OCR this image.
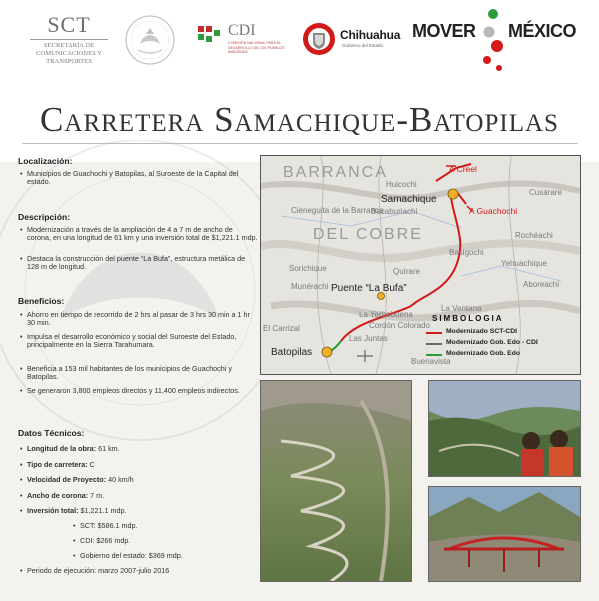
SCT
SECRETARÍA DE COMUNICACIONES Y TRANSPORTES
CDI
COMISIÓN NACIONAL PARA EL DESARROLLO DE LOS PUEBLOS INDÍGENAS
Chihuahua
Gobierno del Estado
MOVER MÉXICO
Carretera Samachique-Batopilas
Localización:
• Municipios de Guachochi y Batopilas, al Suroeste de la Capital del estado.
Descripción:
• Modernización a través de la ampliación de 4 a 7 m de ancho de corona, en una longitud de 61 km y una inversión total de $1,221.1 mdp.
• Destaca la construcción del puente “La Bufa”, estructura metálica de 128 m de longitud.
Beneficios:
• Ahorro en tiempo de recorrido de 2 hrs al pasar de 3 hrs 30 min a 1 hr 30 min.
• Impulsa el desarrollo económico y social del Suroeste del Estado, principalmente en la Sierra Tarahumara.
• Beneficia a 153 mil habitantes de los municipios de Guachochi y Batopilas.
• Se generaron 3,800 empleos directos y 11,400 empleos indirectos.
Datos Técnicos:
• Longitud de la obra: 61 km.
• Tipo de carretera: C
• Velocidad de Proyecto: 40 km/h
• Ancho de corona: 7 m.
• Inversión total: $1,221.1 mdp.
• SCT: $586.1 mdp.
• CDI: $266 mdp.
• Gobierno del estado: $369 mdp.
• Periodo de ejecución: marzo 2007-julio 2016
BARRANCA
DEL COBRE
Huicochi
Bacaburiachi
Cieneguita de la Barranca
Sorichique
Munérachi
Quírare
Basigochi
Cusárare
Rochéachi
Yehuachique
Aboreachi
La Yerbabuena
Cordón Colorado
La Ventana
El Carrizal
Las Juntas
Buenavista
Samachique
Puente “La Bufa”
Batopilas
A Creel
A Guachochi
SIMBOLOGIA
Modernizado SCT-CDI
Modernizado Gob. Edo - CDI
Modernizado Gob. Edo
